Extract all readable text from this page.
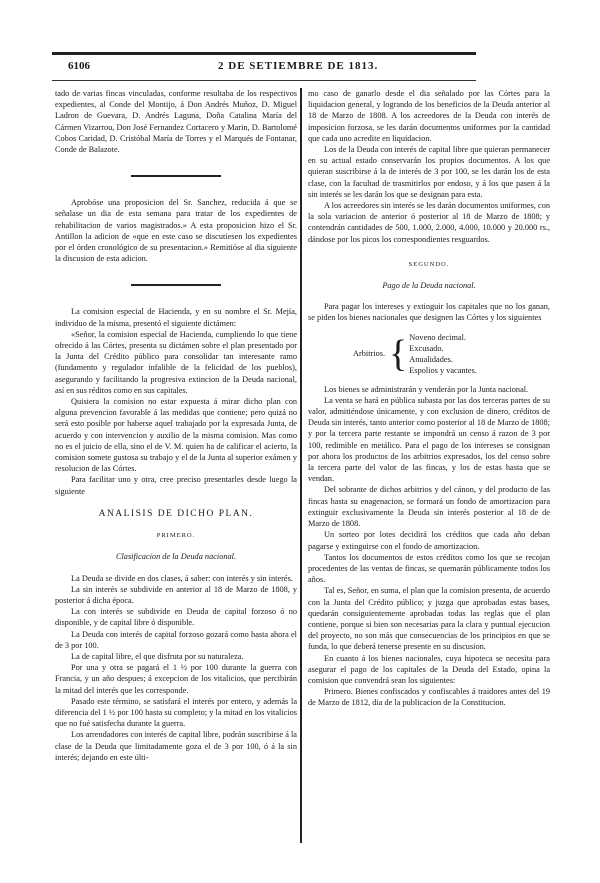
6106	2 DE SETIEMBRE DE 1813.

tado de varias fincas vinculadas, conforme resultaba de los respectivos expedientes, al Conde del Montijo, á Don Andrés Muñoz, D. Miguel Ladron de Guevara, D. Andrés Laguna, Doña Catalina María del Cármen Vizarrou, Don José Fernandez Cortacero y Marin, D. Bartolomé Cobos Caridad, D. Cristóbal María de Torres y el Marqués de Fontanar, Conde de Balazote.

Aprobóse una proposicion del Sr. Sanchez, reducida á que se señalase un dia de esta semana para tratar de los expedientes de rehabilitacion de varios magistrados.» A esta proposicion hizo el Sr. Antillon la adicion de «que en este caso se discutiesen los expedientes por el órden cronológico de su presentacion.» Remitióse al dia siguiente la discusion de esta adicion.

La comision especial de Hacienda, y en su nombre el Sr. Mejía, individuo de la misma, presentó el siguiente dictámen:

«Señor, la comision especial de Hacienda, cumpliendo lo que tiene ofrecido á las Córtes, presenta su dictámen sobre el plan presentado por la Junta del Crédito público para consolidar tan interesante ramo (fundamento y regulador infalible de la felicidad de los pueblos), asegurando y facilitando la progresiva extincion de la Deuda nacional, así en sus réditos como en sus capitales.

Quisiera la comision no estar expuesta á mirar dicho plan con alguna prevencion favorable á las medidas que contiene; pero quizá no será esto posible por haberse aquel trabajado por la expresada Junta, de acuerdo y con intervencion y auxilio de la misma comision. Mas como no es el juicio de ella, sino el de V. M. quien ha de calificar el acierto, la comision somete gustosa su trabajo y el de la Junta al superior exámen y resolucion de las Córtes.

Para facilitar uno y otra, cree preciso presentarles desde luego la siguiente

ANALISIS DE DICHO PLAN.
PRIMERO.
Clasificacion de la Deuda nacional.

La Deuda se divide en dos clases, á saber: con interés y sin interés.

La sin interés se subdivide en anterior al 18 de Marzo de 1808, y posterior á dicha época.

La con interés se subdivide en Deuda de capital forzoso ó no disponible, y de capital libre ó disponible.

La Deuda con interés de capital forzoso gozará como hasta ahora el de 3 por 100.

La de capital libre, el que disfruta por su naturaleza.

Por una y otra se pagará el 1 ½ por 100 durante la guerra con Francia, y un año despues; á excepcion de los vitalicios, que percibirán la mitad del interés que les corresponde.

Pasado este término, se satisfará el interés por entero, y además la diferencia del 1 ½ por 100 hasta su completo; y la mitad en los vitalicios que no fué satisfecha durante la guerra.

Los arrendadores con interés de capital libre, podrán suscribirse á la clase de la Deuda que limitadamente goza el de 3 por 100, ó á la sin interés; dejando en este últi-

mo caso de ganarlo desde el dia señalado por las Córtes para la liquidacion general, y logrando de los beneficios de la Deuda anterior al 18 de Marzo de 1808. A los acreedores de la Deuda con interés de imposicion forzosa, se les darán documentos uniformes por la cantidad que cada uno acredite en liquidacion.

Los de la Deuda con interés de capital libre que quieran permanecer en su actual estado conservarán los propios documentos. A los que quieran suscribirse á la de interés de 3 por 100, se les darán los de esta clase, con la facultad de trasmitirlos por endoso, y á los que pasen á la sin interés se les darán los que se designan para esta.

A los acreedores sin interés se les darán documentos uniformes, con la sola variacion de anterior ó posterior al 18 de Marzo de 1808; y contendrán cantidades de 500, 1.000, 2.000, 4.000, 10.000 y 20.000 rs., dándose por los picos los correspondientes resguardos.

SEGUNDO.
Pago de la Deuda nacional.

Para pagar los intereses y extinguir los capitales que no los ganan, se piden los bienes nacionales que designen las Córtes y los siguientes

Arbitrios. { Noveno decimal.
Excusado.
Anualidades.
Espolios y vacantes.

Los bienes se administrarán y venderán por la Junta nacional.

La venta se hará en pública subasta por las dos terceras partes de su valor, admitiéndose únicamente, y con exclusion de dinero, créditos de Deuda sin interés, tanto anterior como posterior al 18 de Marzo de 1808; y por la tercera parte restante se impondrá un censo á razon de 3 por 100, redimible en metálico. Para el pago de los intereses se consignan por ahora los productos de los arbitrios expresados, los del censo sobre la tercera parte del valor de las fincas, y los de estas hasta que se vendan.

Del sobrante de dichos arbitrios y del cánon, y del producto de las fincas hasta su enagenacion, se formará un fondo de amortizacion para extinguir exclusivamente la Deuda sin interés posterior al 18 de de Marzo de 1808.

Un sorteo por lotes decidirá los créditos que cada año deban pagarse y extinguirse con el fondo de amortizacion.

Tantos los documentos de estos créditos como los que se recojan procedentes de las ventas de fincas, se quemarán públicamente todos los años.

Tal es, Señor, en suma, el plan que la comision presenta, de acuerdo con la Junta del Crédito público; y juzga que aprobadas estas bases, quedarán consiguientemente aprobadas todas las reglas que el plan contiene, porque si bien son necesarias para la clara y puntual ejecucion del proyecto, no son más que consecuencias de los principios en que se funda, lo que deberá tenerse presente en su discusion.

En cuanto á los bienes nacionales, cuya hipoteca se necesita para asegurar el pago de los capitales de la Deuda del Estado, opina la comision que convendrá sean los siguientes:

Primero. Bienes confiscados y confiscables á traidores antes del 19 de Marzo de 1812, dia de la publicacion de la Constitucion.
